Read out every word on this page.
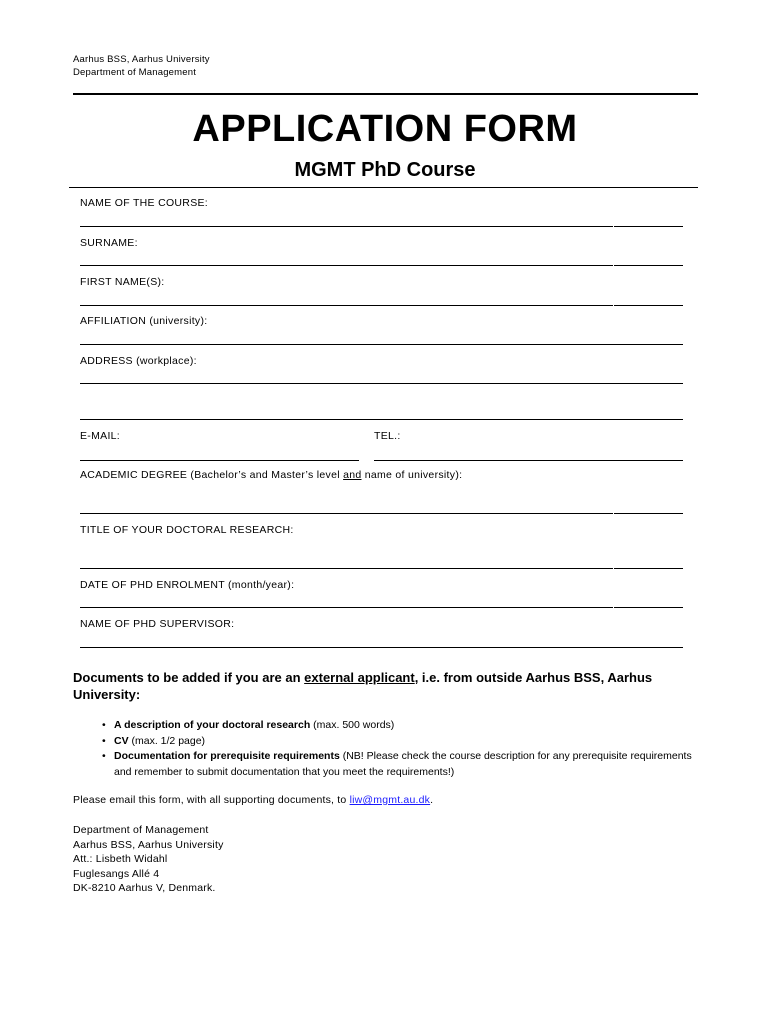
Aarhus BSS, Aarhus University
Department of Management
APPLICATION FORM
MGMT PhD Course
NAME OF THE COURSE:
SURNAME:
FIRST NAME(S):
AFFILIATION (university):
ADDRESS (workplace):
E-MAIL:	TEL.:
ACADEMIC DEGREE (Bachelor’s and Master’s level and name of university):
TITLE OF YOUR DOCTORAL RESEARCH:
DATE OF PHD ENROLMENT (month/year):
NAME OF PHD SUPERVISOR:
Documents to be added if you are an external applicant, i.e. from outside Aarhus BSS, Aarhus University:
• A description of your doctoral research (max. 500 words)
• CV (max. 1/2 page)
• Documentation for prerequisite requirements (NB! Please check the course description for any prerequisite requirements and remember to submit documentation that you meet the requirements!)
Please email this form, with all supporting documents, to liw@mgmt.au.dk.
Department of Management
Aarhus BSS, Aarhus University
Att.: Lisbeth Widahl
Fuglesangs Allé 4
DK-8210 Aarhus V, Denmark.
